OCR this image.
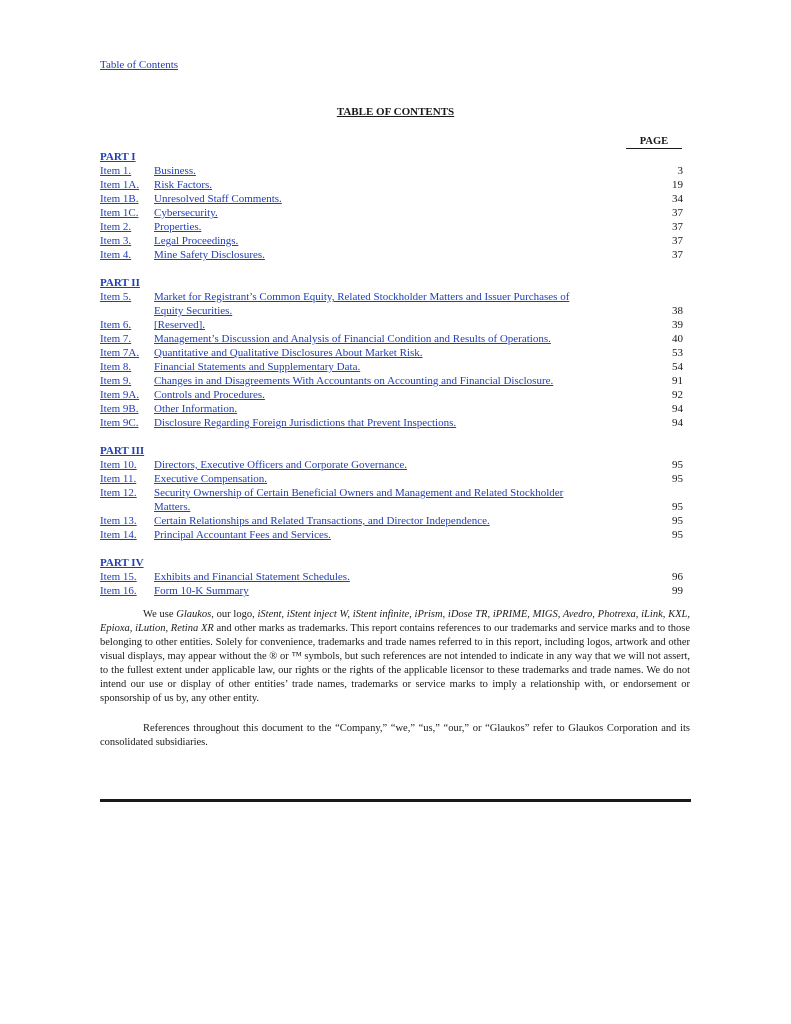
Table of Contents
TABLE OF CONTENTS
PAGE
PART I
Item 1.	Business.	3
Item 1A.	Risk Factors.	19
Item 1B.	Unresolved Staff Comments.	34
Item 1C.	Cybersecurity.	37
Item 2.	Properties.	37
Item 3.	Legal Proceedings.	37
Item 4.	Mine Safety Disclosures.	37
PART II
Item 5.	Market for Registrant’s Common Equity, Related Stockholder Matters and Issuer Purchases of
Equity Securities.	38
Item 6.	[Reserved].	39
Item 7.	Management’s Discussion and Analysis of Financial Condition and Results of Operations.	40
Item 7A.	Quantitative and Qualitative Disclosures About Market Risk.	53
Item 8.	Financial Statements and Supplementary Data.	54
Item 9.	Changes in and Disagreements With Accountants on Accounting and Financial Disclosure.	91
Item 9A.	Controls and Procedures.	92
Item 9B.	Other Information.	94
Item 9C.	Disclosure Regarding Foreign Jurisdictions that Prevent Inspections.	94
PART III
Item 10.	Directors, Executive Officers and Corporate Governance.	95
Item 11.	Executive Compensation.	95
Item 12.	Security Ownership of Certain Beneficial Owners and Management and Related Stockholder
Matters.	95
Item 13.	Certain Relationships and Related Transactions, and Director Independence.	95
Item 14.	Principal Accountant Fees and Services.	95
PART IV
Item 15.	Exhibits and Financial Statement Schedules.	96
Item 16.	Form 10-K Summary	99
We use Glaukos, our logo, iStent, iStent inject W, iStent infinite, iPrism, iDose TR, iPRIME, MIGS, Avedro, Photrexa, iLink, KXL, Epioxa, iLution, Retina XR and other marks as trademarks. This report contains references to our trademarks and service marks and to those belonging to other entities. Solely for convenience, trademarks and trade names referred to in this report, including logos, artwork and other visual displays, may appear without the ® or ™ symbols, but such references are not intended to indicate in any way that we will not assert, to the fullest extent under applicable law, our rights or the rights of the applicable licensor to these trademarks and trade names. We do not intend our use or display of other entities’ trade names, trademarks or service marks to imply a relationship with, or endorsement or sponsorship of us by, any other entity.
References throughout this document to the “Company,” “we,” “us,” “our,” or “Glaukos” refer to Glaukos Corporation and its consolidated subsidiaries.
